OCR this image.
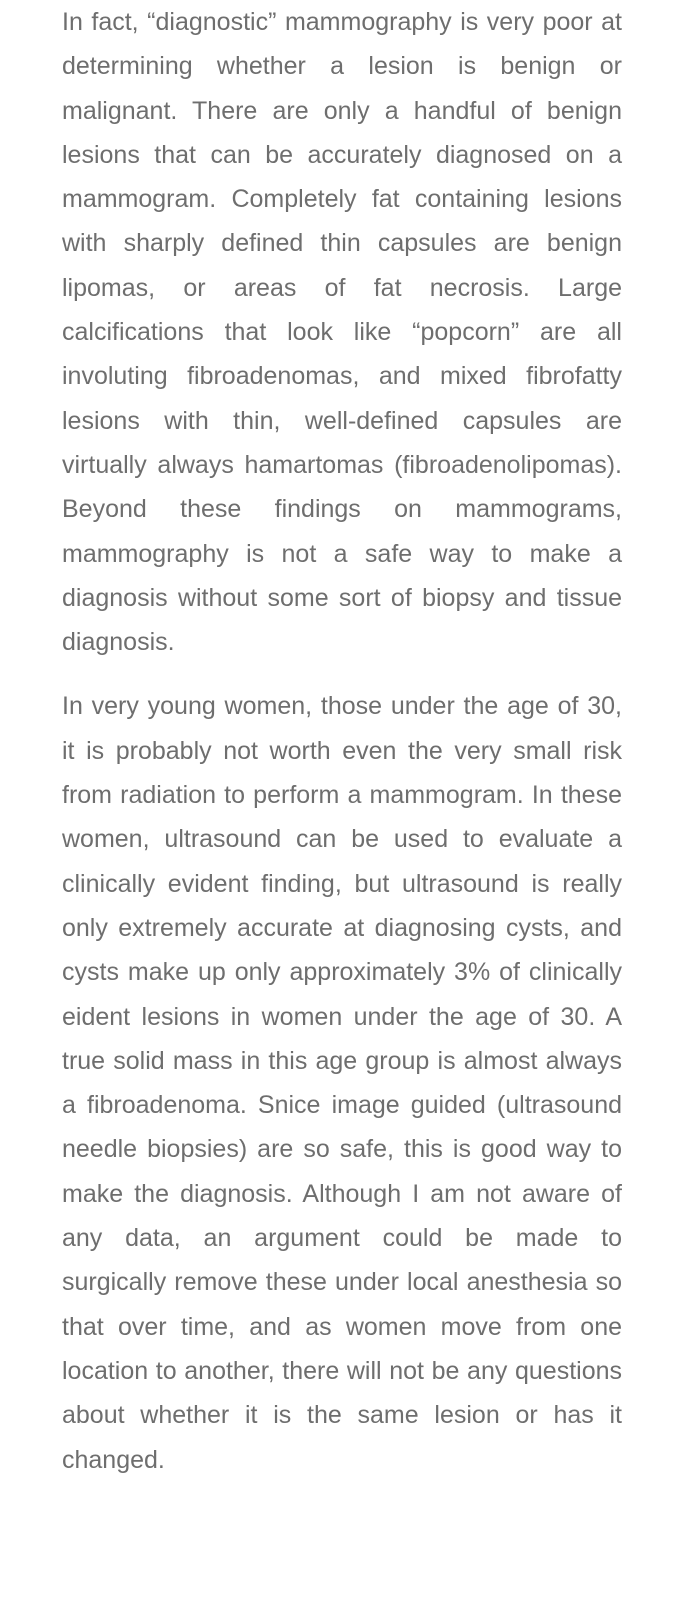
In fact, “diagnostic” mammography is very poor at determining whether a lesion is benign or malignant. There are only a handful of benign lesions that can be accurately diagnosed on a mammogram. Completely fat containing lesions with sharply defined thin capsules are benign lipomas, or areas of fat necrosis. Large calcifications that look like “popcorn” are all involuting fibroadenomas, and mixed fibrofatty lesions with thin, well-defined capsules are virtually always hamartomas (fibroadenolipomas). Beyond these findings on mammograms, mammography is not a safe way to make a diagnosis without some sort of biopsy and tissue diagnosis.

In very young women, those under the age of 30, it is probably not worth even the very small risk from radiation to perform a mammogram. In these women, ultrasound can be used to evaluate a clinically evident finding, but ultrasound is really only extremely accurate at diagnosing cysts, and cysts make up only approximately 3% of clinically eident lesions in women under the age of 30. A true solid mass in this age group is almost always a fibroadenoma. Snice image guided (ultrasound needle biopsies) are so safe, this is good way to make the diagnosis. Although I am not aware of any data, an argument could be made to surgically remove these under local anesthesia so that over time, and as women move from one location to another, there will not be any questions about whether it is the same lesion or has it changed.
